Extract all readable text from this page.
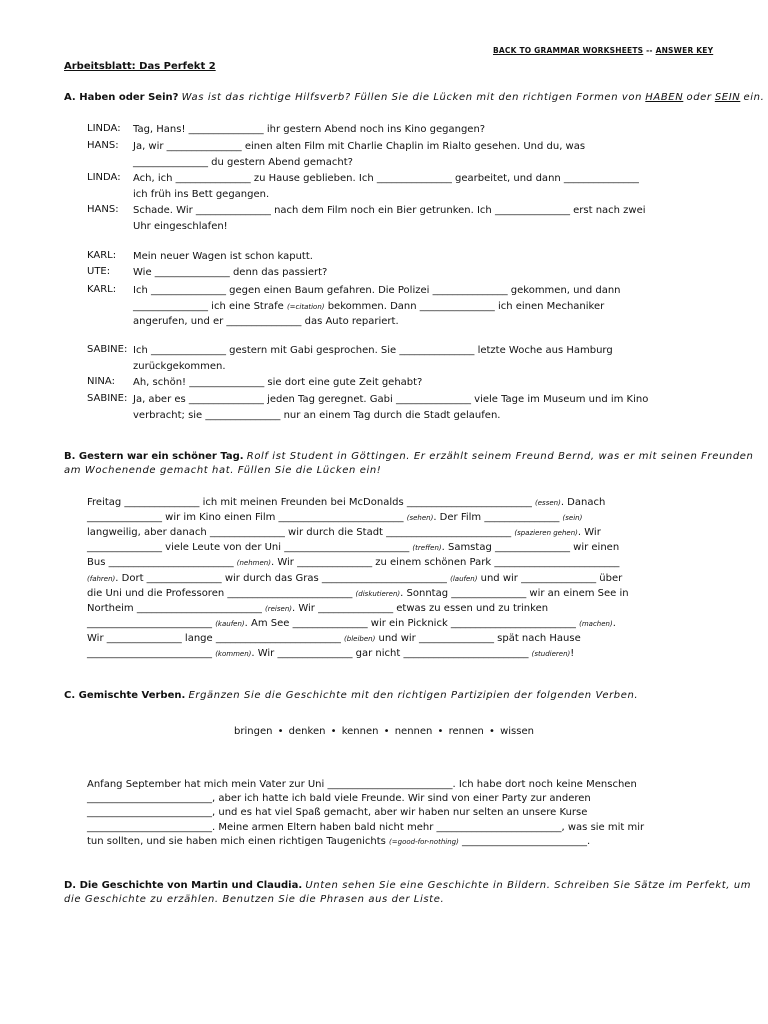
BACK TO GRAMMAR WORKSHEETS -- ANSWER KEY
Arbeitsblatt: Das Perfekt 2
A. Haben oder Sein? Was ist das richtige Hilfsverb? Füllen Sie die Lücken mit den richtigen Formen von HABEN oder SEIN ein.
LINDA:	Tag, Hans! _______________ ihr gestern Abend noch ins Kino gegangen?
HANS:	Ja, wir _______________ einen alten Film mit Charlie Chaplin im Rialto gesehen. Und du, was
_______________ du gestern Abend gemacht?
LINDA:	Ach, ich _______________ zu Hause geblieben. Ich _______________ gearbeitet, und dann _______________
ich früh ins Bett gegangen.
HANS:	Schade. Wir _______________ nach dem Film noch ein Bier getrunken. Ich _______________ erst nach zwei
Uhr eingeschlafen!
KARL:	Mein neuer Wagen ist schon kaputt.
UTE:	Wie _______________ denn das passiert?
KARL:	Ich _______________ gegen einen Baum gefahren. Die Polizei _______________ gekommen, und dann
_______________ ich eine Strafe (=citation) bekommen. Dann _______________ ich einen Mechaniker
angerufen, und er _______________ das Auto repariert.
SABINE: Ich _______________ gestern mit Gabi gesprochen. Sie _______________ letzte Woche aus Hamburg
zurückgekommen.
NINA:	Ah, schön! _______________ sie dort eine gute Zeit gehabt?
SABINE: Ja, aber es _______________ jeden Tag geregnet. Gabi _______________ viele Tage im Museum und im Kino
verbracht; sie _______________ nur an einem Tag durch die Stadt gelaufen.
B. Gestern war ein schöner Tag. Rolf ist Student in Göttingen. Er erzählt seinem Freund Bernd, was er mit seinen Freunden
am Wochenende gemacht hat. Füllen Sie die Lücken ein!
Freitag _______________ ich mit meinen Freunden bei McDonalds _________________________ (essen). Danach
_______________ wir im Kino einen Film _________________________ (sehen). Der Film _______________ (sein)
langweilig, aber danach _______________ wir durch die Stadt _________________________ (spazieren gehen). Wir
_______________ viele Leute von der Uni _________________________ (treffen). Samstag _______________ wir einen
Bus _________________________ (nehmen). Wir _______________ zu einem schönen Park _________________________
(fahren). Dort _______________ wir durch das Gras _________________________ (laufen) und wir _______________ über
die Uni und die Professoren _________________________ (diskutieren). Sonntag _______________ wir an einem See in
Northeim _________________________ (reisen). Wir _______________ etwas zu essen und zu trinken
_________________________ (kaufen). Am See _______________ wir ein Picknick _________________________ (machen).
Wir _______________ lange _________________________ (bleiben) und wir _______________ spät nach Hause
_________________________ (kommen). Wir _______________ gar nicht _________________________ (studieren)!
C. Gemischte Verben. Ergänzen Sie die Geschichte mit den richtigen Partizipien der folgenden Verben.
bringen • denken • kennen • nennen • rennen • wissen
Anfang September hat mich mein Vater zur Uni _________________________. Ich habe dort noch keine Menschen
_________________________, aber ich hatte ich bald viele Freunde. Wir sind von einer Party zur anderen
_________________________, und es hat viel Spaß gemacht, aber wir haben nur selten an unsere Kurse
_________________________. Meine armen Eltern haben bald nicht mehr _________________________, was sie mit mir
tun sollten, und sie haben mich einen richtigen Taugenichts (=good-for-nothing) _________________________.
D. Die Geschichte von Martin und Claudia. Unten sehen Sie eine Geschichte in Bildern. Schreiben Sie Sätze im Perfekt, um
die Geschichte zu erzählen. Benutzen Sie die Phrasen aus der Liste.
